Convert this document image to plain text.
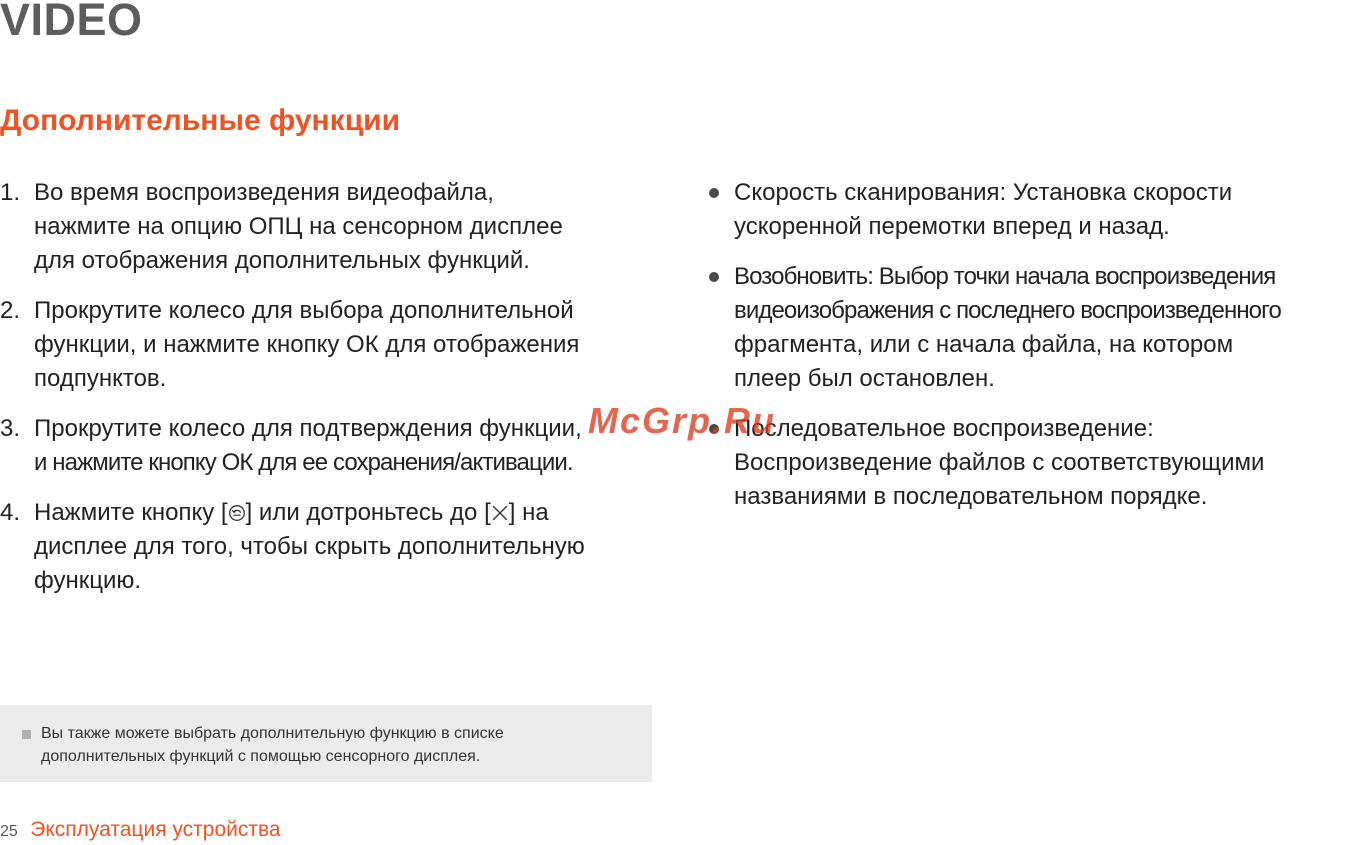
VIDEO
Дополнительные функции
1. Во время воспроизведения видеофайла,
нажмите на опцию ОПЦ на сенсорном дисплее
для отображения дополнительных функций.
2. Прокрутите колесо для выбора дополнительной
функции, и нажмите кнопку ОК для отображения
подпунктов.
3. Прокрутите колесо для подтверждения функции,
и нажмите кнопку ОК для ее сохранения/активации.
4. Нажмите кнопку [ ] или дотроньтесь до [ ] на
дисплее для того, чтобы скрыть дополнительную
функцию.
Скорость сканирования: Установка скорости
ускоренной перемотки вперед и назад.
Возобновить: Выбор точки начала воспроизведения
видеоизображения с последнего воспроизведенного
фрагмента, или с начала файла, на котором
плеер был остановлен.
Последовательное воспроизведение:
Воспроизведение файлов с соответствующими
названиями в последовательном порядке.
Вы также можете выбрать дополнительную функцию в списке
дополнительных функций с помощью сенсорного дисплея.
25 Эксплуатация устройства
McGrp.Ru
